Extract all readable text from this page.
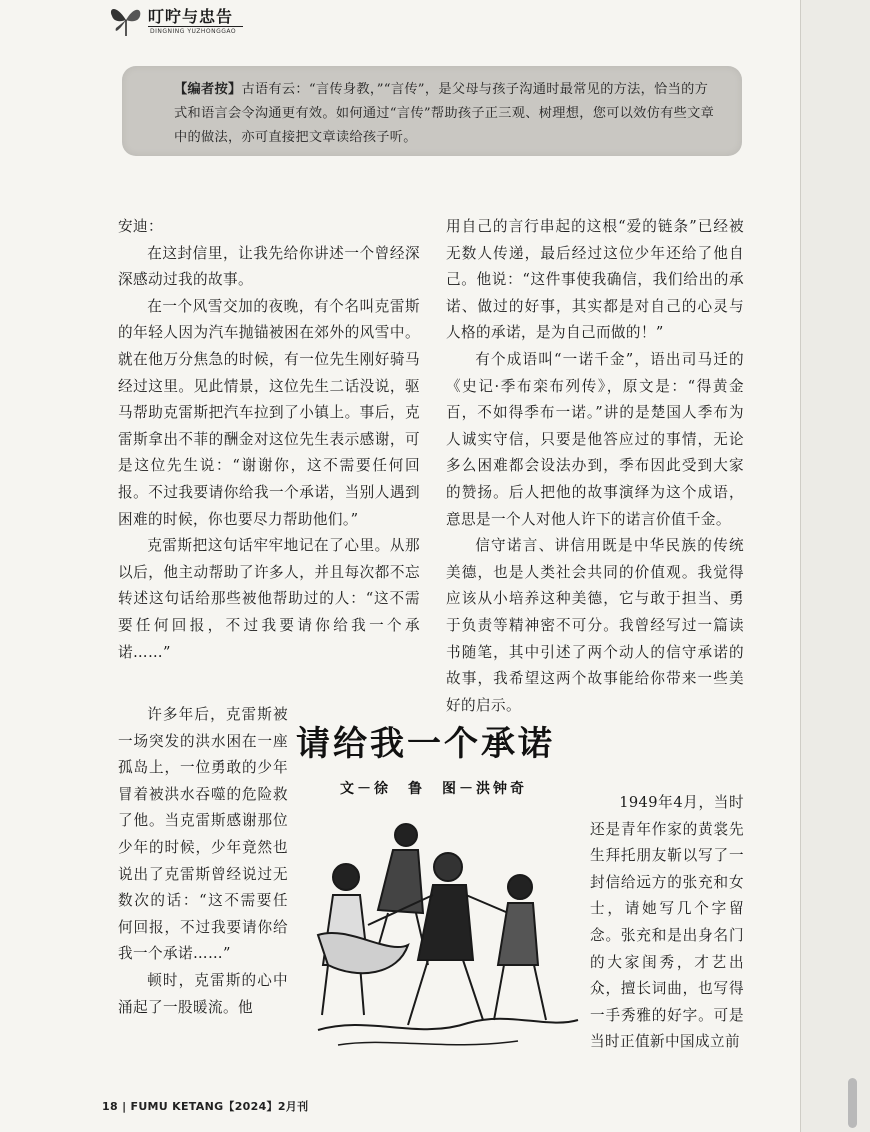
叮咛与忠告
DINGNING YUZHONGGAO

【编者按】古语有云：“言传身教，”“言传”，是父母与孩子沟通时最常见的方法，恰当的方式和语言会令沟通更有效。如何通过“言传”帮助孩子正三观、树理想，您可以效仿有些文章中的做法，亦可直接把文章读给孩子听。

安迪：

在这封信里，让我先给你讲述一个曾经深深感动过我的故事。

在一个风雪交加的夜晚，有个名叫克雷斯的年轻人因为汽车抛锚被困在郊外的风雪中。就在他万分焦急的时候，有一位先生刚好骑马经过这里。见此情景，这位先生二话没说，驱马帮助克雷斯把汽车拉到了小镇上。事后，克雷斯拿出不菲的酬金对这位先生表示感谢，可是这位先生说：“谢谢你，这不需要任何回报。不过我要请你给我一个承诺，当别人遇到困难的时候，你也要尽力帮助他们。”

克雷斯把这句话牢牢地记在了心里。从那以后，他主动帮助了许多人，并且每次都不忘转述这句话给那些被他帮助过的人：“这不需要任何回报，不过我要请你给我一个承诺……”

许多年后，克雷斯被一场突发的洪水困在一座孤岛上，一位勇敢的少年冒着被洪水吞噬的危险救了他。当克雷斯感谢那位少年的时候，少年竟然也说出了克雷斯曾经说过无数次的话：“这不需要任何回报，不过我要请你给我一个承诺……”

顿时，克雷斯的心中涌起了一股暖流。他

用自己的言行串起的这根“爱的链条”已经被无数人传递，最后经过这位少年还给了他自己。他说：“这件事使我确信，我们给出的承诺、做过的好事，其实都是对自己的心灵与人格的承诺，是为自己而做的！”

有个成语叫“一诺千金”，语出司马迁的《史记·季布栾布列传》，原文是：“得黄金百，不如得季布一诺。”讲的是楚国人季布为人诚实守信，只要是他答应过的事情，无论多么困难都会设法办到，季布因此受到大家的赞扬。后人把他的故事演绎为这个成语，意思是一个人对他人许下的诺言价值千金。

信守诺言、讲信用既是中华民族的传统美德，也是人类社会共同的价值观。我觉得应该从小培养这种美德，它与敢于担当、勇于负责等精神密不可分。我曾经写过一篇读书随笔，其中引述了两个动人的信守承诺的故事，我希望这两个故事能给你带来一些美好的启示。

1949年4月，当时还是青年作家的黄裳先生拜托朋友靳以写了一封信给远方的张充和女士，请她写几个字留念。张充和是出身名门的大家闺秀，才艺出众，擅长词曲，也写得一手秀雅的好字。可是当时正值新中国成立前

请给我一个承诺
文－徐　鲁　图－洪钟奇
18 | FUMU KETANG【2024】2月刊
